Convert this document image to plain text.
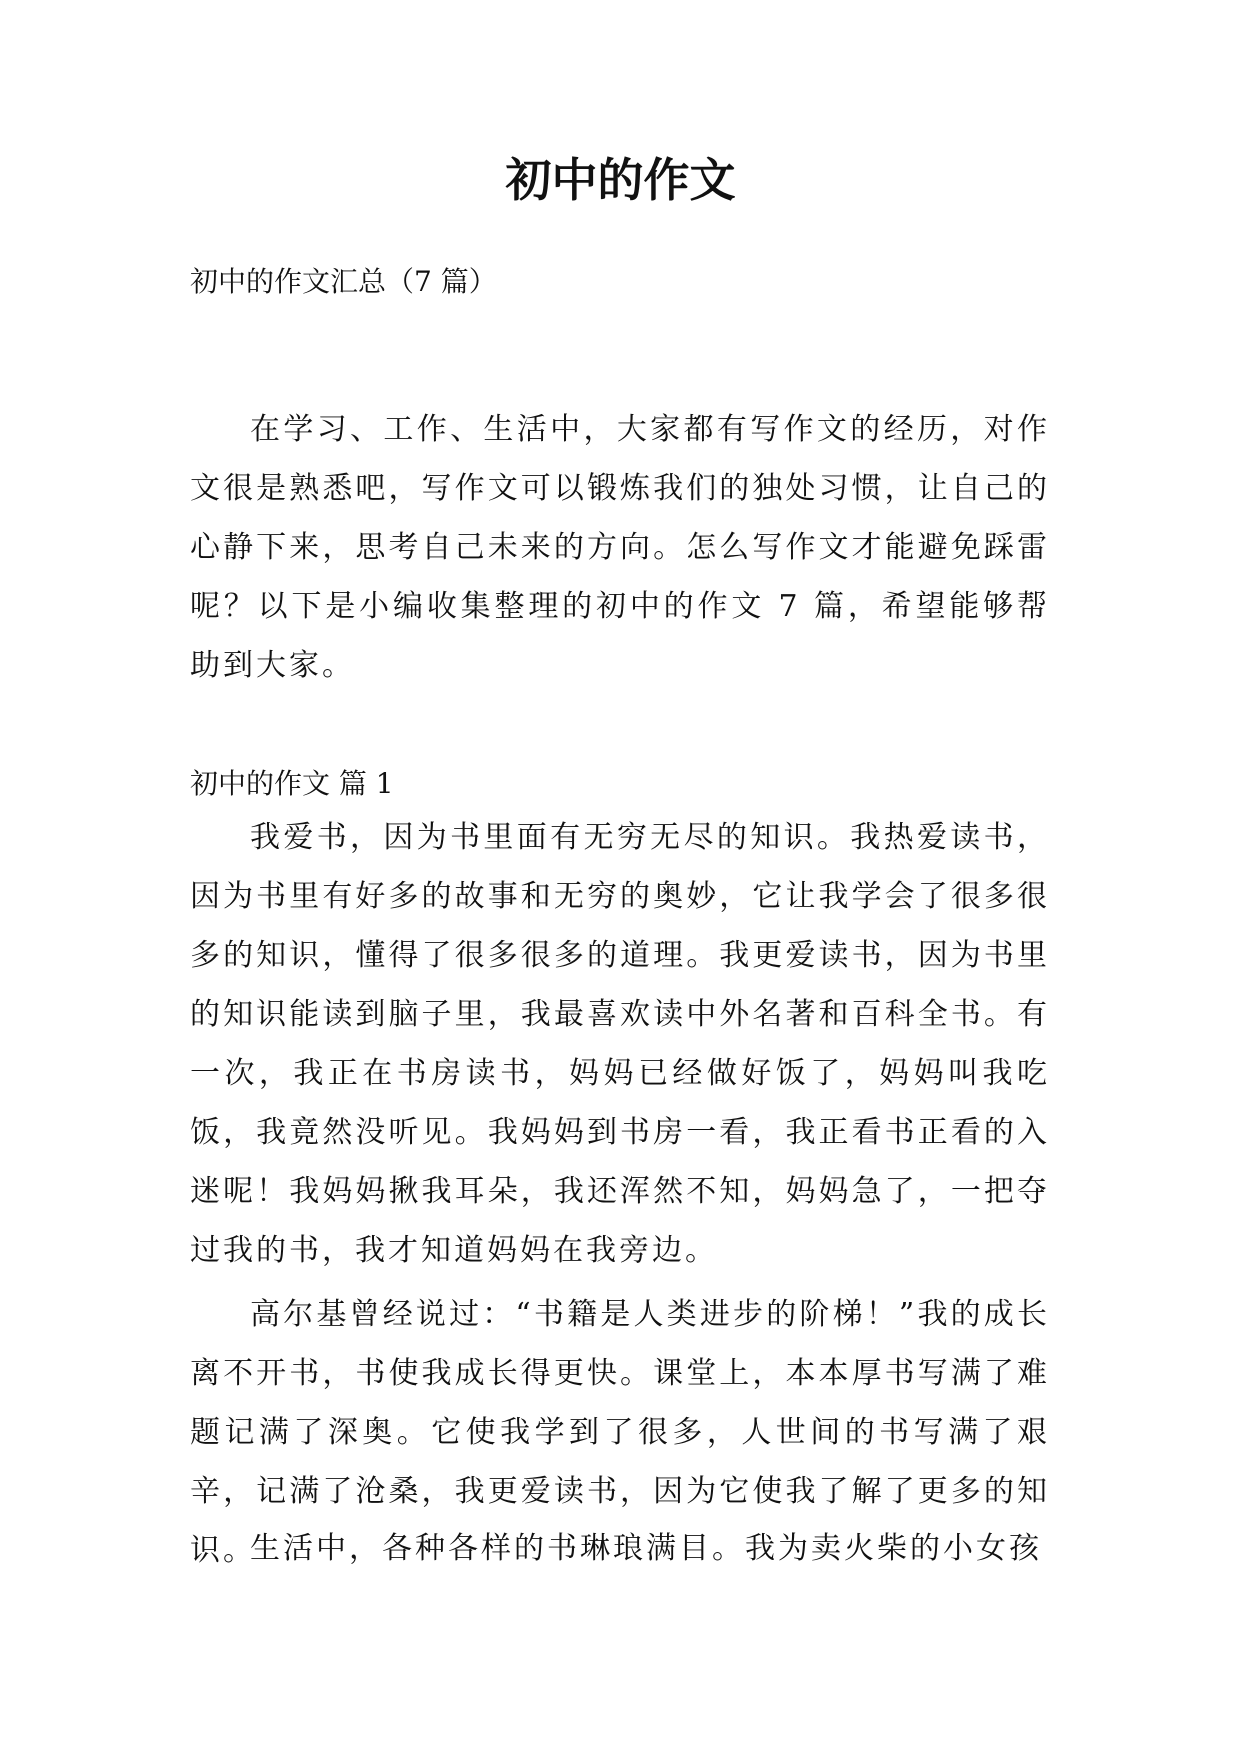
初中的作文

初中的作文汇总（7 篇）

在学习、工作、生活中，大家都有写作文的经历，对作文很是熟悉吧，写作文可以锻炼我们的独处习惯，让自己的心静下来，思考自己未来的方向。怎么写作文才能避免踩雷呢？以下是小编收集整理的初中的作文 7 篇，希望能够帮助到大家。

初中的作文 篇 1

我爱书，因为书里面有无穷无尽的知识。我热爱读书，因为书里有好多的故事和无穷的奥妙，它让我学会了很多很多的知识，懂得了很多很多的道理。我更爱读书，因为书里的知识能读到脑子里，我最喜欢读中外名著和百科全书。有一次，我正在书房读书，妈妈已经做好饭了，妈妈叫我吃饭，我竟然没听见。我妈妈到书房一看，我正看书正看的入迷呢！我妈妈揪我耳朵，我还浑然不知，妈妈急了，一把夺过我的书，我才知道妈妈在我旁边。

高尔基曾经说过：“书籍是人类进步的阶梯！”我的成长离不开书，书使我成长得更快。课堂上，本本厚书写满了难题记满了深奥。它使我学到了很多，人世间的书写满了艰辛，记满了沧桑，我更爱读书，因为它使我了解了更多的知识。

生活中，各种各样的书琳琅满目。我为卖火柴的小女孩
